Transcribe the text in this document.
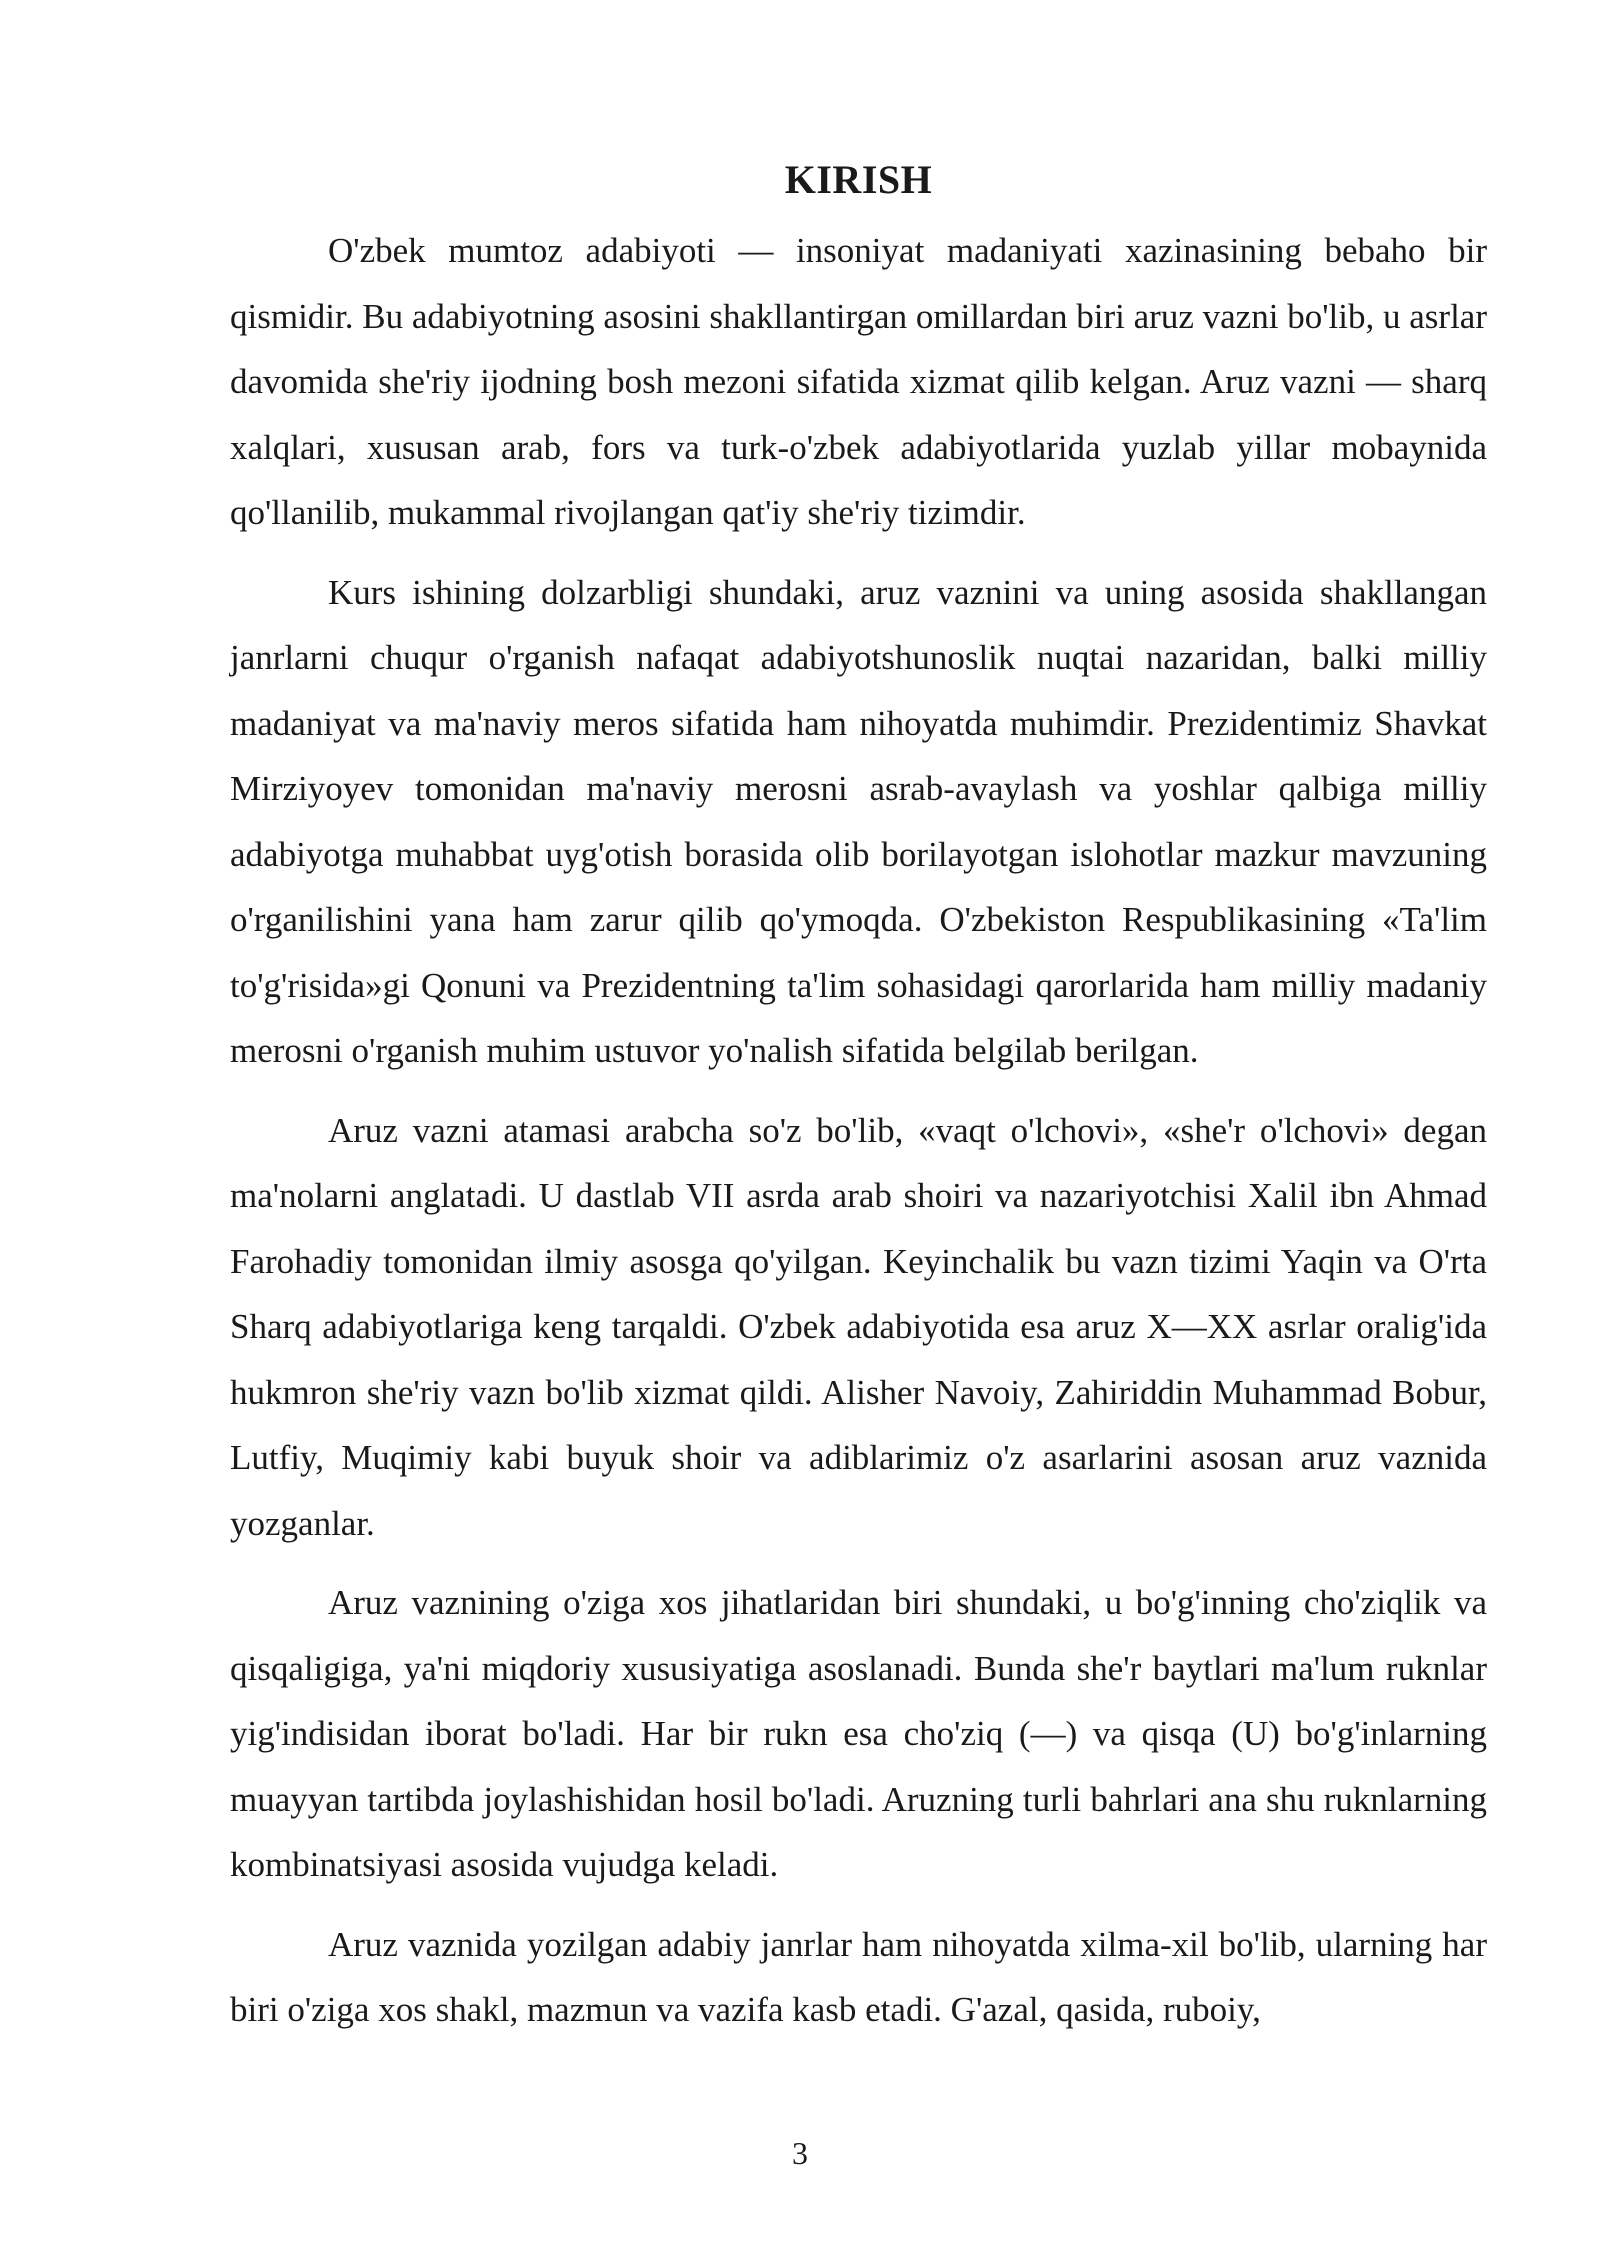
KIRISH

O'zbek mumtoz adabiyoti — insoniyat madaniyati xazinasining bebaho bir qismidir. Bu adabiyotning asosini shakllantirgan omillardan biri aruz vazni bo'lib, u asrlar davomida she'riy ijodning bosh mezoni sifatida xizmat qilib kelgan. Aruz vazni — sharq xalqlari, xususan arab, fors va turk-o'zbek adabiyotlarida yuzlab yillar mobaynida qo'llanilib, mukammal rivojlangan qat'iy she'riy tizimdir.

Kurs ishining dolzarbligi shundaki, aruz vaznini va uning asosida shakllangan janrlarni chuqur o'rganish nafaqat adabiyotshunoslik nuqtai nazaridan, balki milliy madaniyat va ma'naviy meros sifatida ham nihoyatda muhimdir. Prezidentimiz Shavkat Mirziyoyev tomonidan ma'naviy merosni asrab-avaylash va yoshlar qalbiga milliy adabiyotga muhabbat uyg'otish borasida olib borilayotgan islohotlar mazkur mavzuning o'rganilishini yana ham zarur qilib qo'ymoqda. O'zbekiston Respublikasining «Ta'lim to'g'risida»gi Qonuni va Prezidentning ta'lim sohasidagi qarorlarida ham milliy madaniy merosni o'rganish muhim ustuvor yo'nalish sifatida belgilab berilgan.

Aruz vazni atamasi arabcha so'z bo'lib, «vaqt o'lchovi», «she'r o'lchovi» degan ma'nolarni anglatadi. U dastlab VII asrda arab shoiri va nazariyotchisi Xalil ibn Ahmad Farohadiy tomonidan ilmiy asosga qo'yilgan. Keyinchalik bu vazn tizimi Yaqin va O'rta Sharq adabiyotlariga keng tarqaldi. O'zbek adabiyotida esa aruz X—XX asrlar oralig'ida hukmron she'riy vazn bo'lib xizmat qildi. Alisher Navoiy, Zahiriddin Muhammad Bobur, Lutfiy, Muqimiy kabi buyuk shoir va adiblarimiz o'z asarlarini asosan aruz vaznida yozganlar.

Aruz vaznining o'ziga xos jihatlaridan biri shundaki, u bo'g'inning cho'ziqlik va qisqaligiga, ya'ni miqdoriy xususiyatiga asoslanadi. Bunda she'r baytlari ma'lum ruknlar yig'indisidan iborat bo'ladi. Har bir rukn esa cho'ziq (—) va qisqa (U) bo'g'inlarning muayyan tartibda joylashishidan hosil bo'ladi. Aruzning turli bahrlari ana shu ruknlarning kombinatsiyasi asosida vujudga keladi.

Aruz vaznida yozilgan adabiy janrlar ham nihoyatda xilma-xil bo'lib, ularning har biri o'ziga xos shakl, mazmun va vazifa kasb etadi. G'azal, qasida, ruboiy,

3
